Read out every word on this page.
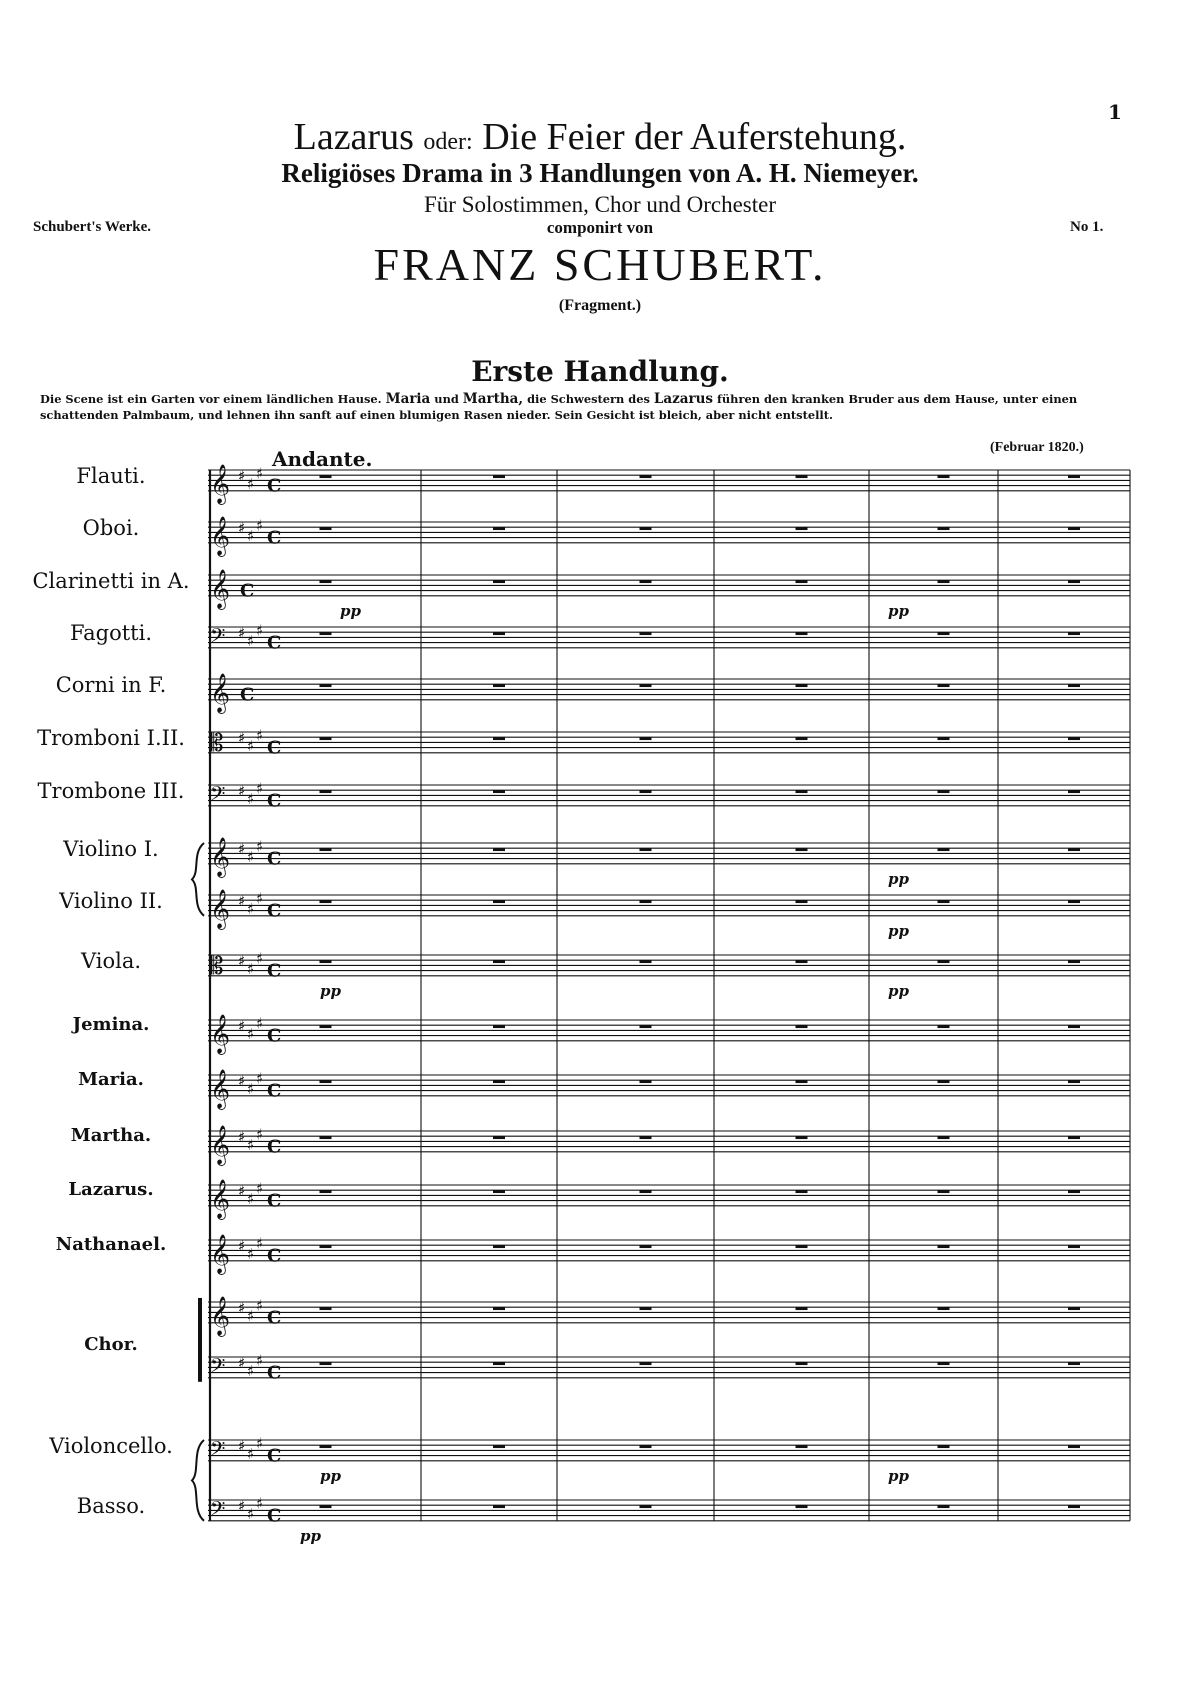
1
Schubert's Werke.	No 1.
Lazarus oder: Die Feier der Auferstehung.
Religiöses Drama in 3 Handlungen von A. H. Niemeyer.
Für Solostimmen, Chor und Orchester
componirt von
FRANZ SCHUBERT.
(Fragment.)
Erste Handlung.
Die Scene ist ein Garten vor einem ländlichen Hause. Maria und Martha, die Schwestern des Lazarus führen den kranken Bruder aus dem Hause, unter einen schattenden Palmbaum, und lehnen ihn sanft auf einen blumigen Rasen nieder. Sein Gesicht ist bleich, aber nicht entstellt.
(Februar 1820.)
Andante.
Flauti.
Oboi.
Clarinetti in A.
Fagotti.
Corni in F.
Tromboni I.II.
Trombone III.
Violino I.
Violino II.
Viola.
Jemina.
Maria.
Martha.
Lazarus.
Nathanael.
Violoncello.
Basso.
Chor.
𝄞 ♯ ♯
♯
C
𝄞 ♯ ♯
♯
C
𝄞 C
𝄢 ♯ ♯
♯
C
𝄞 C
𝄡 ♯ ♯
♯
C
𝄢 ♯ ♯
♯
C
𝄞 ♯ ♯
♯
C
𝄞 ♯ ♯
♯
C
𝄡 ♯ ♯
♯
C
𝄞 ♯ ♯
♯
C
𝄞 ♯ ♯
♯
C
𝄞 ♯ ♯
♯
C
𝄞 ♯ ♯
♯
C
𝄞 ♯ ♯
♯
C
𝄞 ♯ ♯
♯
C
𝄢 ♯ ♯
♯
C
𝄢 ♯ ♯
♯
C
𝄢 ♯ ♯
♯
C
pp	pp
pp
pp
pp	pp
pp	pp
pp
